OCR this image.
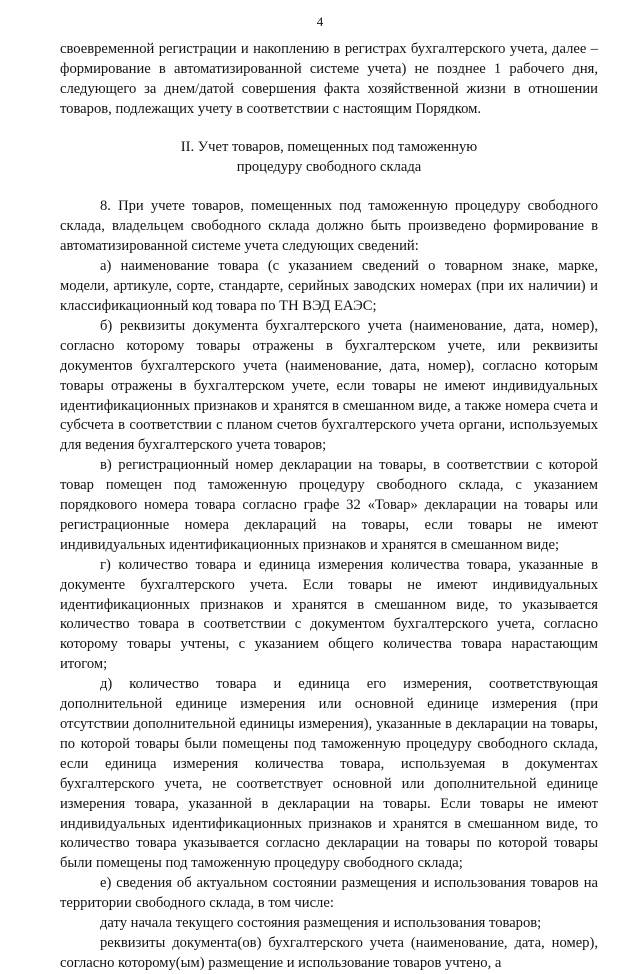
4

своевременной регистрации и накоплению в регистрах бухгалтерского учета, далее – формирование в автоматизированной системе учета) не позднее 1 рабочего дня, следующего за днем/датой совершения факта хозяйственной жизни в отношении товаров, подлежащих учету в соответствии с настоящим Порядком.

II. Учет товаров, помещенных под таможенную
процедуру свободного склада

8. При учете товаров, помещенных под таможенную процедуру свободного склада, владельцем свободного склада должно быть произведено формирование в автоматизированной системе учета следующих сведений:

а) наименование товара (с указанием сведений о товарном знаке, марке, модели, артикуле, сорте, стандарте, серийных заводских номерах (при их наличии) и классификационный код товара по ТН ВЭД ЕАЭС;

б) реквизиты документа бухгалтерского учета (наименование, дата, номер), согласно которому товары отражены в бухгалтерском учете, или реквизиты документов бухгалтерского учета (наименование, дата, номер), согласно которым товары отражены в бухгалтерском учете, если товары не имеют индивидуальных идентификационных признаков и хранятся в смешанном виде, а также номера счета и субсчета в соответствии с планом счетов бухгалтерского учета органи, используемых для ведения бухгалтерского учета товаров;

в) регистрационный номер декларации на товары, в соответствии с которой товар помещен под таможенную процедуру свободного склада, с указанием порядкового номера товара согласно графе 32 «Товар» декларации на товары или регистрационные номера деклараций на товары, если товары не имеют индивидуальных идентификационных признаков и хранятся в смешанном виде;

г) количество товара и единица измерения количества товара, указанные в документе бухгалтерского учета. Если товары не имеют индивидуальных идентификационных признаков и хранятся в смешанном виде, то указывается количество товара в соответствии с документом бухгалтерского учета, согласно которому товары учтены, с указанием общего количества товара нарастающим итогом;

д) количество товара и единица его измерения, соответствующая дополнительной единице измерения или основной единице измерения (при отсутствии дополнительной единицы измерения), указанные в декларации на товары, по которой товары были помещены под таможенную процедуру свободного склада, если единица измерения количества товара, используемая в документах бухгалтерского учета, не соответствует основной или дополнительной единице измерения товара, указанной в декларации на товары. Если товары не имеют индивидуальных идентификационных признаков и хранятся в смешанном виде, то количество товара указывается согласно декларации на товары по которой товары были помещены под таможенную процедуру свободного склада;

е) сведения об актуальном состоянии размещения и использования товаров на территории свободного склада, в том числе:

дату начала текущего состояния размещения и использования товаров;

реквизиты документа(ов) бухгалтерского учета (наименование, дата, номер), согласно которому(ым) размещение и использование товаров учтено, а
